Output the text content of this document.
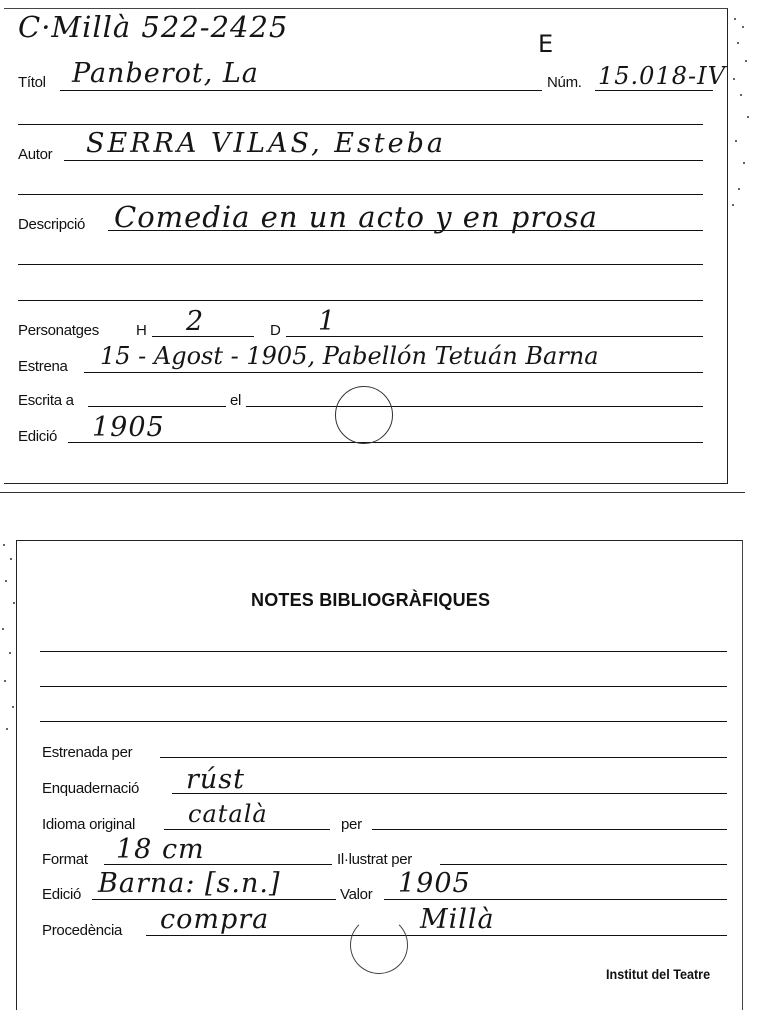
C·Millà 522-2425	E
Títol Panberot, La	Núm. 15.018-IV
Autor SERRA VILAS, Esteba
Descripció Comedia en un acto y en prosa
Personatges H 2	D 1
Estrena 15 - Agost - 1905, Pabellón Tetuán Barna
Escrita a	el
Edició 1905
NOTES BIBLIOGRÀFIQUES
Estrenada per
Enquadernació rúst
Idioma original català	per
Format 18 cm	Il·lustrat per
Edició Barna: [s.n.]	Valor 1905
Procedència compra	Millà
Institut del Teatre
